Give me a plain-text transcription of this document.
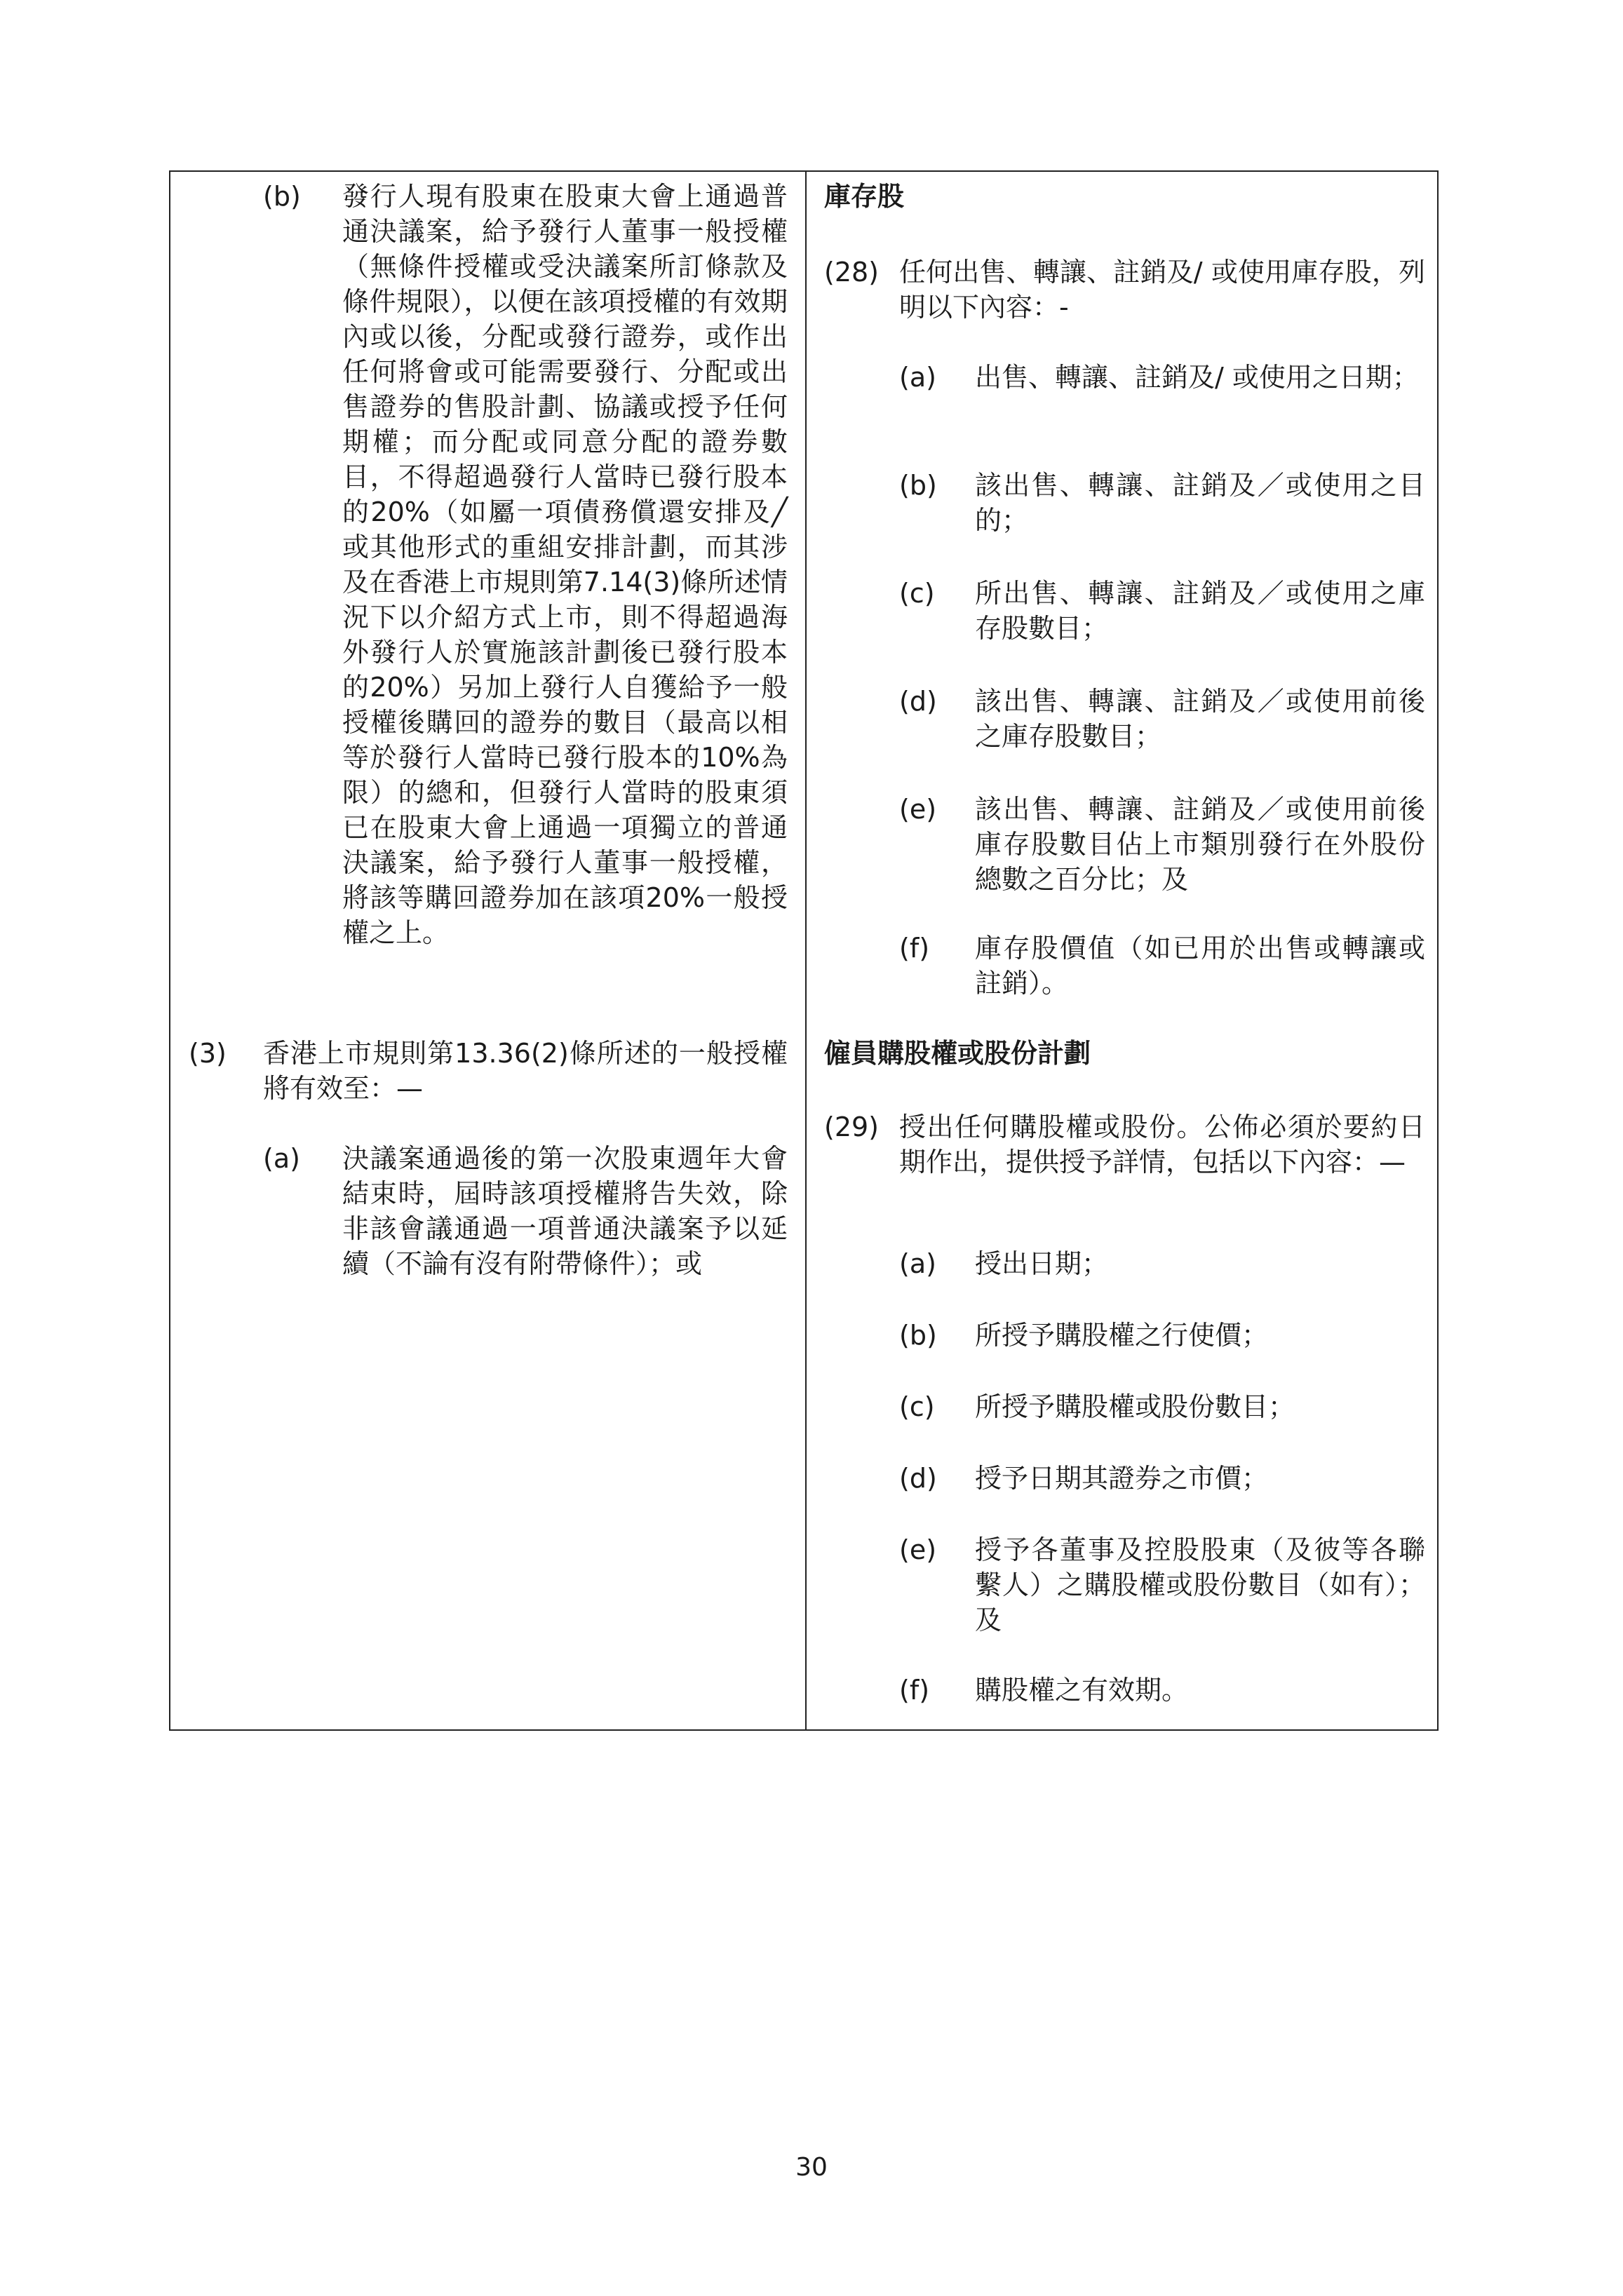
(b) 發行人現有股東在股東大會上通過普通決議案，給予發行人董事一般授權（無條件授權或受決議案所訂條款及條件規限），以便在該項授權的有效期內或以後，分配或發行證券，或作出任何將會或可能需要發行、分配或出售證券的售股計劃、協議或授予任何期權；而分配或同意分配的證券數目，不得超過發行人當時已發行股本的20%（如屬一項債務償還安排及╱或其他形式的重組安排計劃，而其涉及在香港上市規則第7.14(3)條所述情況下以介紹方式上市，則不得超過海外發行人於實施該計劃後已發行股本的20%）另加上發行人自獲給予一般授權後購回的證券的數目（最高以相等於發行人當時已發行股本的10%為限）的總和，但發行人當時的股東須已在股東大會上通過一項獨立的普通決議案，給予發行人董事一般授權，將該等購回證券加在該項20%一般授權之上。
(3) 香港上市規則第13.36(2)條所述的一般授權將有效至：—
(a) 決議案通過後的第一次股東週年大會結束時，屆時該項授權將告失效，除非該會議通過一項普通決議案予以延續（不論有沒有附帶條件）；或
庫存股
(28) 任何出售、轉讓、註銷及/ 或使用庫存股，列明以下內容：-
(a) 出售、轉讓、註銷及/ 或使用之日期；
(b) 該出售、轉讓、註銷及／或使用之目的；
(c) 所出售、轉讓、註銷及／或使用之庫存股數目；
(d) 該出售、轉讓、註銷及／或使用前後之庫存股數目；
(e) 該出售、轉讓、註銷及／或使用前後庫存股數目佔上市類別發行在外股份總數之百分比；及
(f) 庫存股價值（如已用於出售或轉讓或註銷）。
僱員購股權或股份計劃
(29) 授出任何購股權或股份。公佈必須於要約日期作出，提供授予詳情，包括以下內容：—
(a) 授出日期；
(b) 所授予購股權之行使價；
(c) 所授予購股權或股份數目；
(d) 授予日期其證券之市價；
(e) 授予各董事及控股股東（及彼等各聯繫人）之購股權或股份數目（如有）；及
(f) 購股權之有效期。
30
